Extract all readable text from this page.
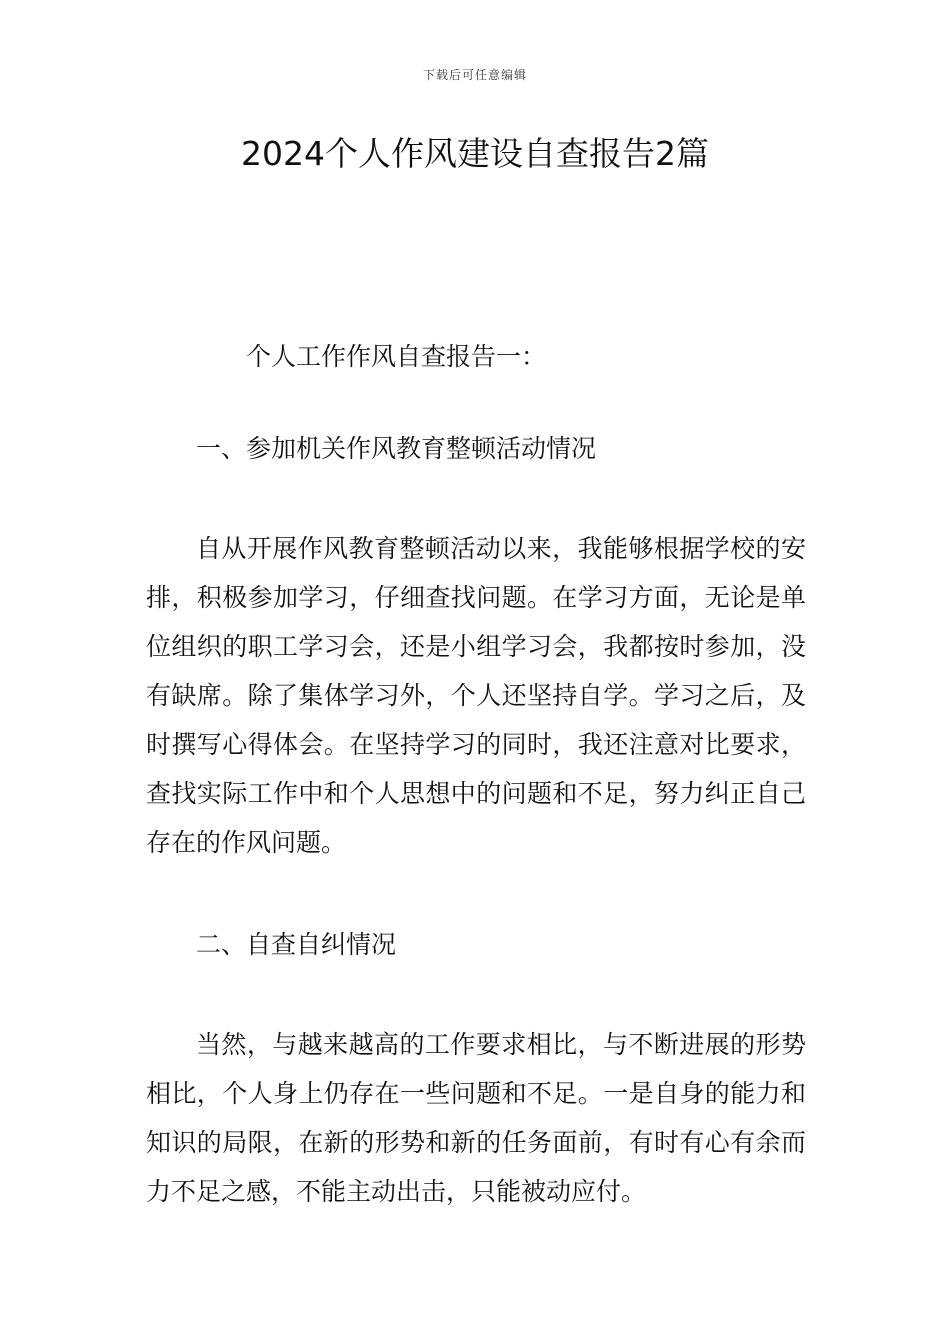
下载后可任意编辑
2024个人作风建设自查报告2篇

个人工作作风自查报告一：

一、参加机关作风教育整顿活动情况

自从开展作风教育整顿活动以来，我能够根据学校的安排，积极参加学习，仔细查找问题。在学习方面，无论是单位组织的职工学习会，还是小组学习会，我都按时参加，没有缺席。除了集体学习外，个人还坚持自学。学习之后，及时撰写心得体会。在坚持学习的同时，我还注意对比要求，查找实际工作中和个人思想中的问题和不足，努力纠正自己存在的作风问题。

二、自查自纠情况

当然，与越来越高的工作要求相比，与不断进展的形势相比，个人身上仍存在一些问题和不足。一是自身的能力和知识的局限，在新的形势和新的任务面前，有时有心有余而力不足之感，不能主动出击，只能被动应付。
